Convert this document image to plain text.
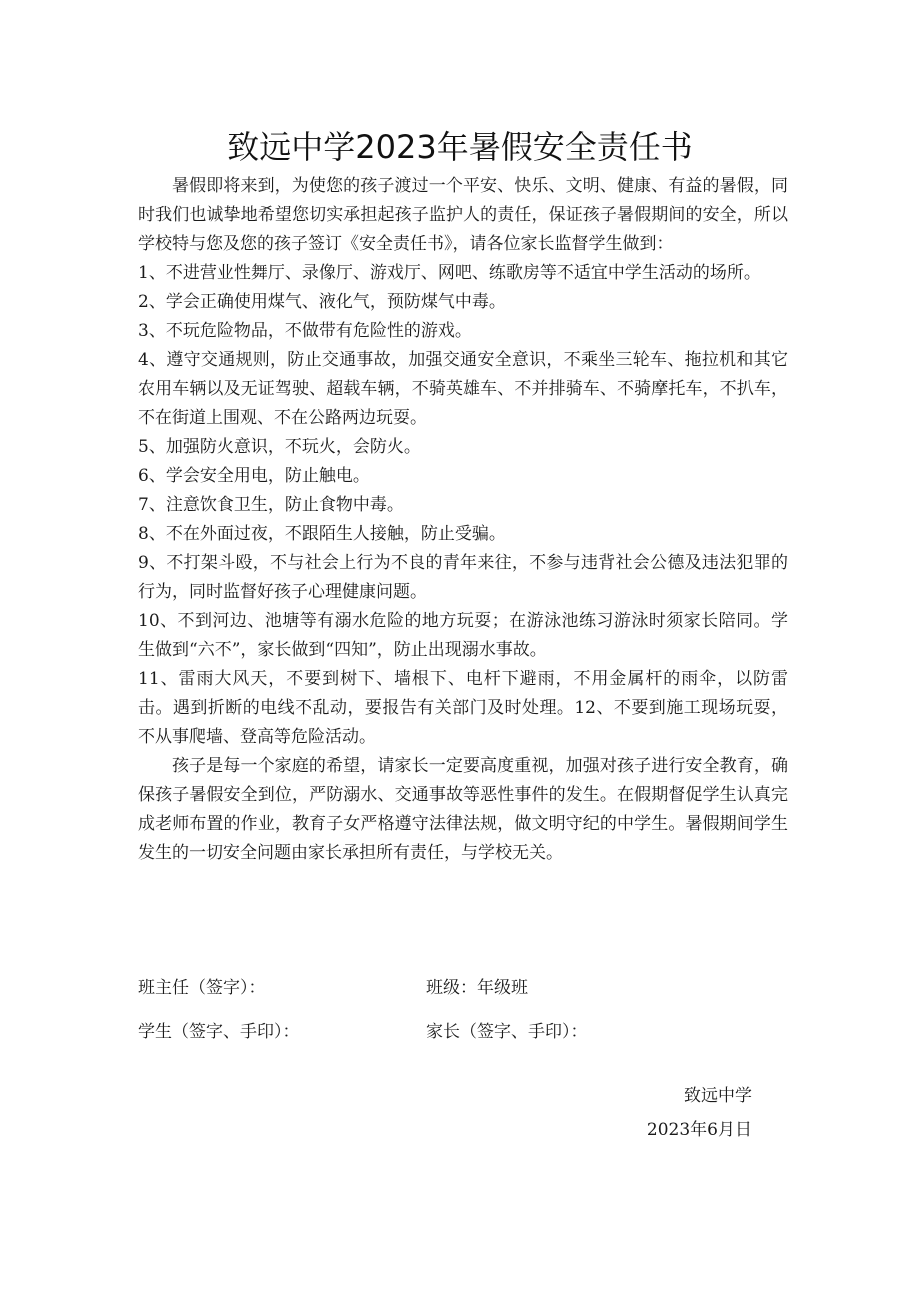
致远中学2023年暑假安全责任书

暑假即将来到，为使您的孩子渡过一个平安、快乐、文明、健康、有益的暑假，同时我们也诚挚地希望您切实承担起孩子监护人的责任，保证孩子暑假期间的安全，所以学校特与您及您的孩子签订《安全责任书》，请各位家长监督学生做到：

1、不进营业性舞厅、录像厅、游戏厅、网吧、练歌房等不适宜中学生活动的场所。

2、学会正确使用煤气、液化气，预防煤气中毒。

3、不玩危险物品，不做带有危险性的游戏。

4、遵守交通规则，防止交通事故，加强交通安全意识，不乘坐三轮车、拖拉机和其它农用车辆以及无证驾驶、超载车辆，不骑英雄车、不并排骑车、不骑摩托车，不扒车，不在街道上围观、不在公路两边玩耍。

5、加强防火意识，不玩火，会防火。

6、学会安全用电，防止触电。

7、注意饮食卫生，防止食物中毒。

8、不在外面过夜，不跟陌生人接触，防止受骗。

9、不打架斗殴，不与社会上行为不良的青年来往，不参与违背社会公德及违法犯罪的行为，同时监督好孩子心理健康问题。

10、不到河边、池塘等有溺水危险的地方玩耍；在游泳池练习游泳时须家长陪同。学生做到“六不”，家长做到“四知”，防止出现溺水事故。

11、雷雨大风天，不要到树下、墙根下、电杆下避雨，不用金属杆的雨伞，以防雷击。遇到折断的电线不乱动，要报告有关部门及时处理。12、不要到施工现场玩耍，不从事爬墙、登高等危险活动。

孩子是每一个家庭的希望，请家长一定要高度重视，加强对孩子进行安全教育，确保孩子暑假安全到位，严防溺水、交通事故等恶性事件的发生。在假期督促学生认真完成老师布置的作业，教育子女严格遵守法律法规，做文明守纪的中学生。暑假期间学生发生的一切安全问题由家长承担所有责任，与学校无关。

班主任（签字）：	班级：年级班
学生（签字、手印）：	家长（签字、手印）：
致远中学
2023年6月日
